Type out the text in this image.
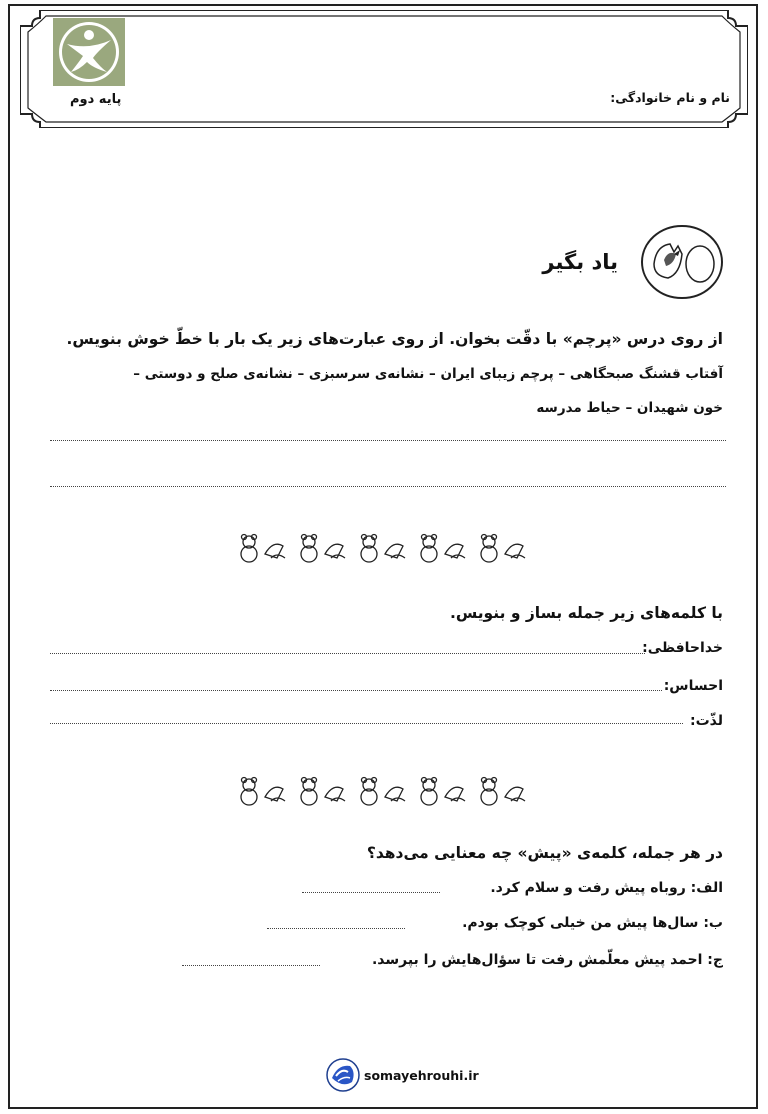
پایه دوم	نام و نام خانوادگی:
یاد بگیر
از روی درس «پرچم» با دقّت بخوان. از روی عبارت‌های زیر یک بار با خطّ خوش بنویس.
آفتاب قشنگ صبحگاهی – پرچم زیبای ایران – نشانه‌ی سرسبزی – نشانه‌ی صلح و دوستی –
خون شهیدان – حیاط مدرسه
با کلمه‌های زیر جمله بساز و بنویس.
خداحافظی:
احساس:
لذّت:
در هر جمله، کلمه‌ی «پیش» چه معنایی می‌دهد؟
الف: روباه پیش رفت و سلام کرد.
ب: سال‌ها پیش من خیلی کوچک بودم.
ج: احمد پیش معلّمش رفت تا سؤال‌هایش را بپرسد.
somayehrouhi.ir
